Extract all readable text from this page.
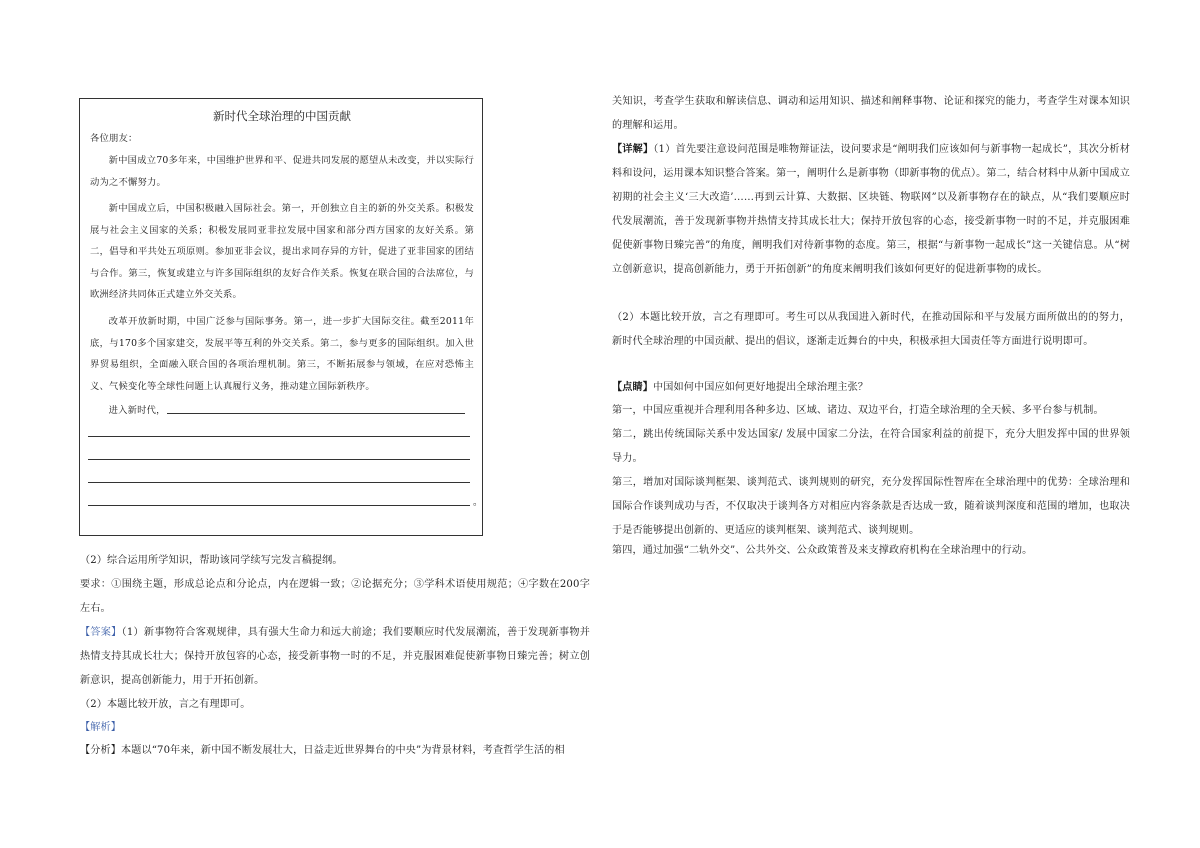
新时代全球治理的中国贡献

各位朋友：

新中国成立70多年来，中国维护世界和平、促进共同发展的愿望从未改变，并以实际行动为之不懈努力。

新中国成立后，中国积极融入国际社会。第一，开创独立自主的新的外交关系。积极发展与社会主义国家的关系；积极发展同亚非拉发展中国家和部分西方国家的友好关系。第二，倡导和平共处五项原则。参加亚非会议，提出求同存异的方针，促进了亚非国家的团结与合作。第三，恢复或建立与许多国际组织的友好合作关系。恢复在联合国的合法席位，与欧洲经济共同体正式建立外交关系。

改革开放新时期，中国广泛参与国际事务。第一，进一步扩大国际交往。截至2011年底，与170多个国家建交，发展平等互利的外交关系。第二，参与更多的国际组织。加入世界贸易组织，全面融入联合国的各项治理机制。第三，不断拓展参与领域，在应对恐怖主义、气候变化等全球性问题上认真履行义务，推动建立国际新秩序。

进入新时代，

。

（2）综合运用所学知识，帮助该同学续写完发言稿提纲。

要求：①围绕主题，形成总论点和分论点，内在逻辑一致；②论据充分；③学科术语使用规范；④字数在200字左右。

【答案】（1）新事物符合客观规律，具有强大生命力和远大前途；我们要顺应时代发展潮流，善于发现新事物并热情支持其成长壮大；保持开放包容的心态，接受新事物一时的不足，并克服困难促使新事物日臻完善；树立创新意识，提高创新能力，用于开拓创新。

（2）本题比较开放，言之有理即可。

【解析】

【分析】本题以“70年来，新中国不断发展壮大，日益走近世界舞台的中央”为背景材料，考查哲学生活的相

关知识，考查学生获取和解读信息、调动和运用知识、描述和阐释事物、论证和探究的能力，考查学生对课本知识的理解和运用。

【详解】（1）首先要注意设问范围是唯物辩证法，设问要求是“阐明我们应该如何与新事物一起成长”，其次分析材料和设问，运用课本知识整合答案。第一，阐明什么是新事物（即新事物的优点）。第二，结合材料中从新中国成立初期的社会主义‘三大改造’……再到云计算、大数据、区块链、物联网”以及新事物存在的缺点，从“我们要顺应时代发展潮流，善于发现新事物并热情支持其成长壮大；保持开放包容的心态，接受新事物一时的不足，并克服困难促使新事物日臻完善”的角度，阐明我们对待新事物的态度。第三，根据“与新事物一起成长”这一关键信息。从“树立创新意识，提高创新能力，勇于开拓创新”的角度来阐明我们该如何更好的促进新事物的成长。

（2）本题比较开放，言之有理即可。考生可以从我国进入新时代，在推动国际和平与发展方面所做出的的努力，新时代全球治理的中国贡献、提出的倡议，逐渐走近舞台的中央，积极承担大国责任等方面进行说明即可。

【点睛】中国如何中国应如何更好地提出全球治理主张？

第一，中国应重视并合理利用各种多边、区域、诸边、双边平台，打造全球治理的全天候、多平台参与机制。

第二，跳出传统国际关系中发达国家/ 发展中国家二分法，在符合国家利益的前提下，充分大胆发挥中国的世界领导力。

第三，增加对国际谈判框架、谈判范式、谈判规则的研究，充分发挥国际性智库在全球治理中的优势：全球治理和国际合作谈判成功与否，不仅取决于谈判各方对相应内容条款是否达成一致，随着谈判深度和范围的增加，也取决于是否能够提出创新的、更适应的谈判框架、谈判范式、谈判规则。

第四，通过加强“二轨外交”、公共外交、公众政策普及来支撑政府机构在全球治理中的行动。
